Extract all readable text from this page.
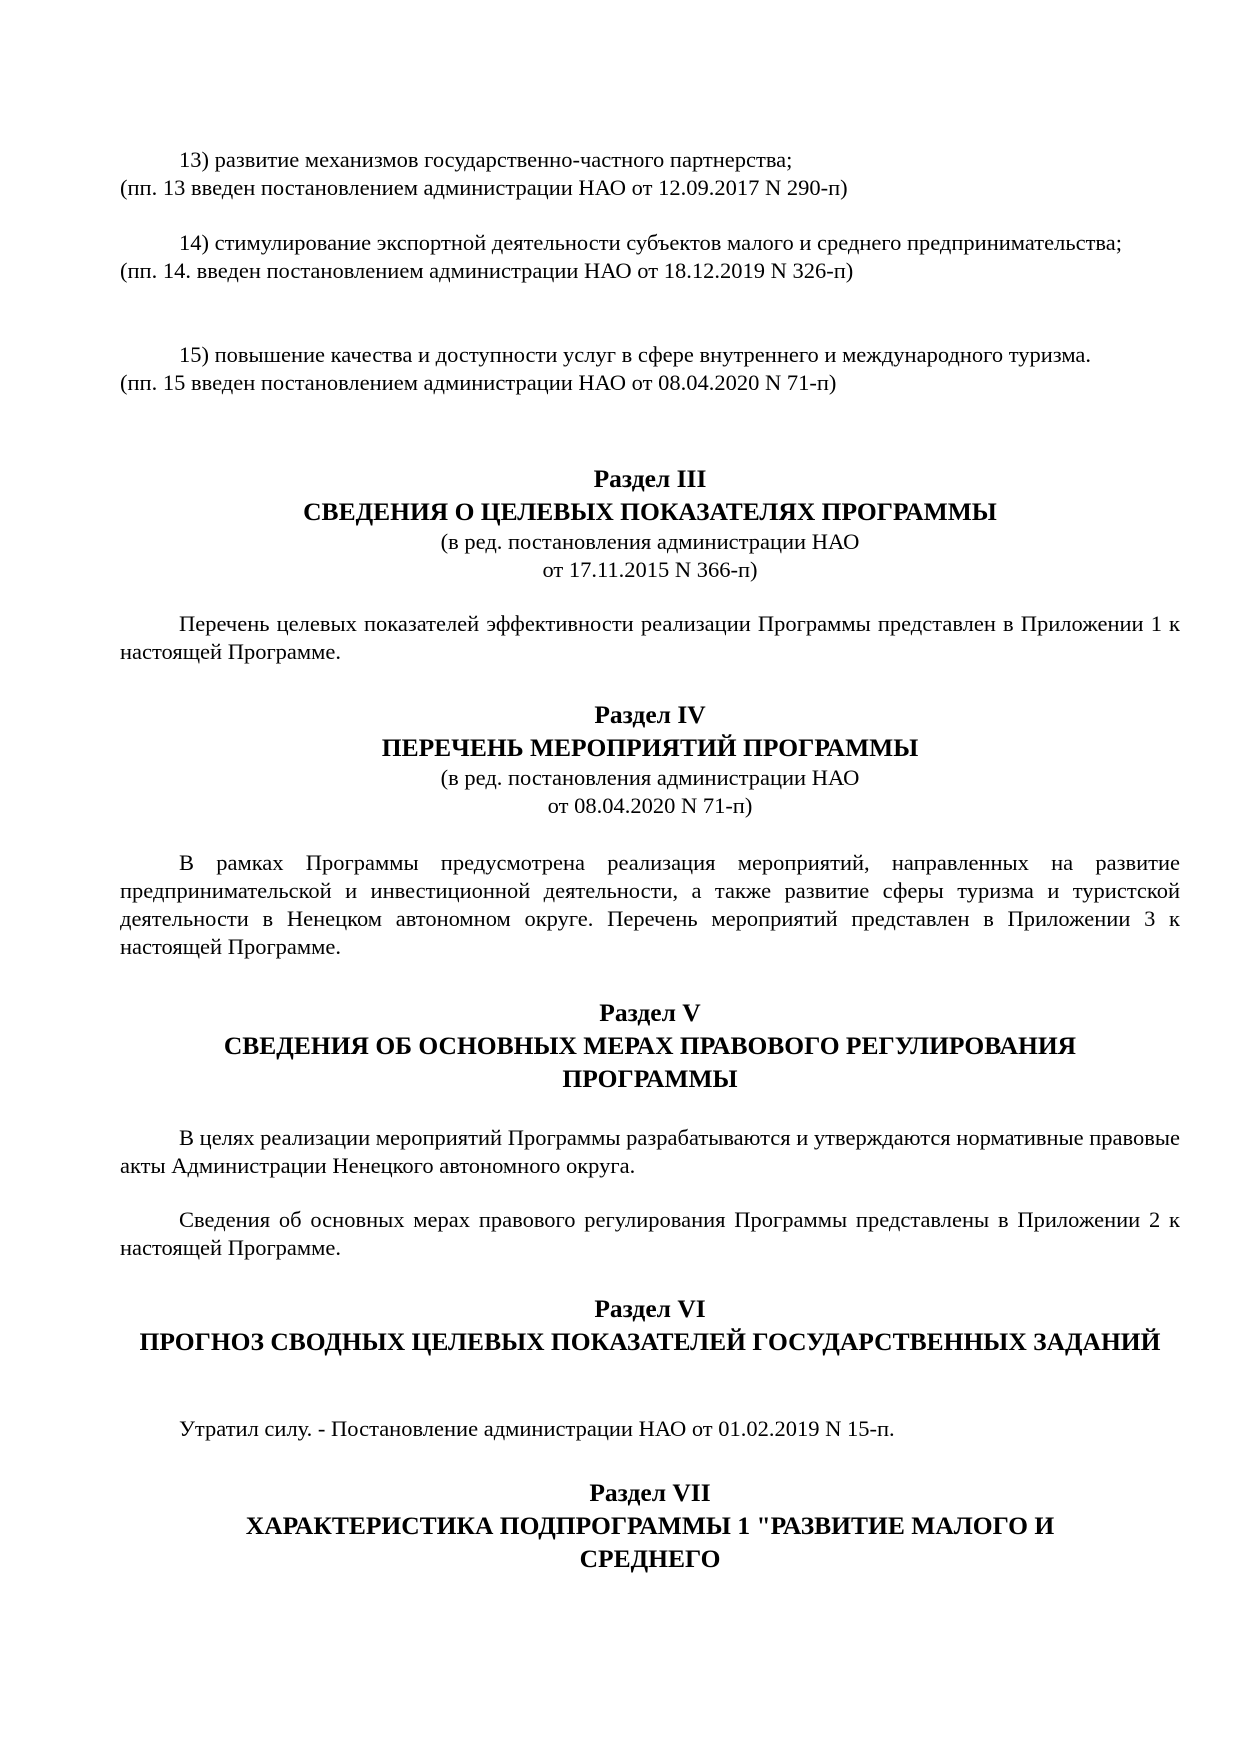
13) развитие механизмов государственно-частного партнерства;

(пп. 13 введен постановлением администрации НАО от 12.09.2017 N 290-п)

14) стимулирование экспортной деятельности субъектов малого и среднего предпринимательства;

(пп. 14. введен постановлением администрации НАО от 18.12.2019 N 326-п)

15) повышение качества и доступности услуг в сфере внутреннего и международного туризма.

(пп. 15 введен постановлением администрации НАО от 08.04.2020 N 71-п)

Раздел III

СВЕДЕНИЯ О ЦЕЛЕВЫХ ПОКАЗАТЕЛЯХ ПРОГРАММЫ

(в ред. постановления администрации НАО

от 17.11.2015 N 366-п)

Перечень целевых показателей эффективности реализации Программы представлен в Приложении 1 к настоящей Программе.

Раздел IV

ПЕРЕЧЕНЬ МЕРОПРИЯТИЙ ПРОГРАММЫ

(в ред. постановления администрации НАО

от 08.04.2020 N 71-п)

В рамках Программы предусмотрена реализация мероприятий, направленных на развитие предпринимательской и инвестиционной деятельности, а также развитие сферы туризма и туристской деятельности в Ненецком автономном округе. Перечень мероприятий представлен в Приложении 3 к настоящей Программе.

Раздел V

СВЕДЕНИЯ ОБ ОСНОВНЫХ МЕРАХ ПРАВОВОГО РЕГУЛИРОВАНИЯ ПРОГРАММЫ

В целях реализации мероприятий Программы разрабатываются и утверждаются нормативные правовые акты Администрации Ненецкого автономного округа.

Сведения об основных мерах правового регулирования Программы представлены в Приложении 2 к настоящей Программе.

Раздел VI

ПРОГНОЗ СВОДНЫХ ЦЕЛЕВЫХ ПОКАЗАТЕЛЕЙ ГОСУДАРСТВЕННЫХ ЗАДАНИЙ

Утратил силу. - Постановление администрации НАО от 01.02.2019 N 15-п.

Раздел VII

ХАРАКТЕРИСТИКА ПОДПРОГРАММЫ 1 "РАЗВИТИЕ МАЛОГО И СРЕДНЕГО
